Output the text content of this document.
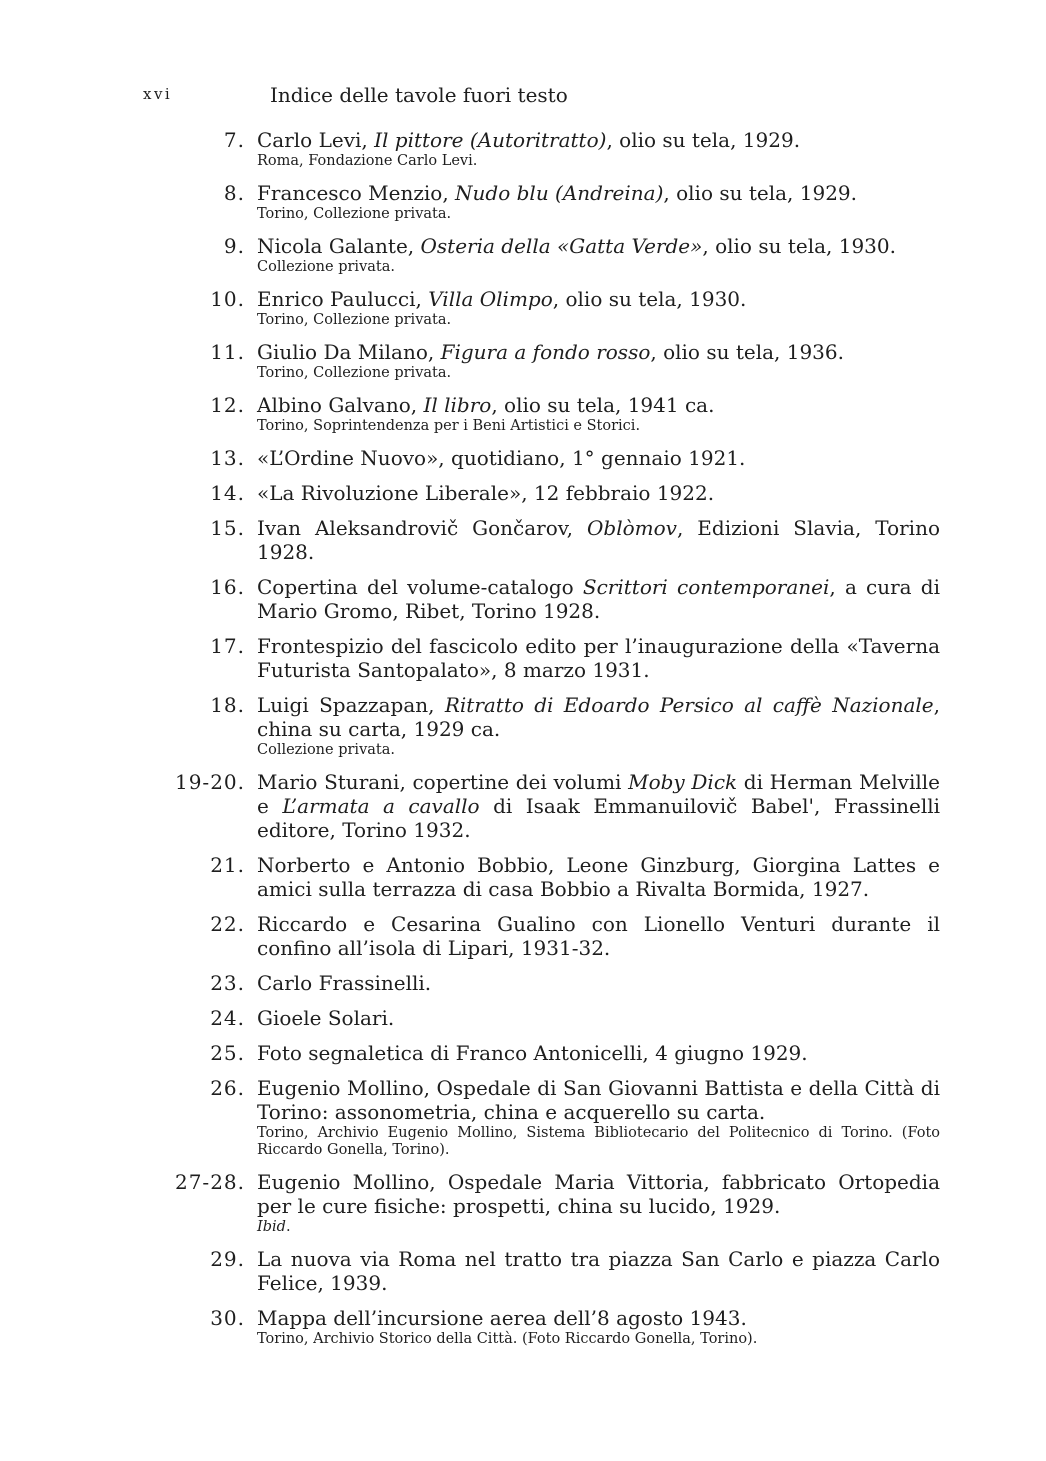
xvi	Indice delle tavole fuori testo
7. Carlo Levi, Il pittore (Autoritratto), olio su tela, 1929.
Roma, Fondazione Carlo Levi.
8. Francesco Menzio, Nudo blu (Andreina), olio su tela, 1929.
Torino, Collezione privata.
9. Nicola Galante, Osteria della «Gatta Verde», olio su tela, 1930.
Collezione privata.
10. Enrico Paulucci, Villa Olimpo, olio su tela, 1930.
Torino, Collezione privata.
11. Giulio Da Milano, Figura a fondo rosso, olio su tela, 1936.
Torino, Collezione privata.
12. Albino Galvano, Il libro, olio su tela, 1941 ca.
Torino, Soprintendenza per i Beni Artistici e Storici.
13. «L’Ordine Nuovo», quotidiano, 1° gennaio 1921.
14. «La Rivoluzione Liberale», 12 febbraio 1922.
15. Ivan Aleksandrovič Gončarov, Oblòmov, Edizioni Slavia, Torino 1928.
16. Copertina del volume-catalogo Scrittori contemporanei, a cura di Mario Gromo, Ribet, Torino 1928.
17. Frontespizio del fascicolo edito per l’inaugurazione della «Taverna Futurista Santopalato», 8 marzo 1931.
18. Luigi Spazzapan, Ritratto di Edoardo Persico al caffè Nazionale, china su carta, 1929 ca.
Collezione privata.
19-20. Mario Sturani, copertine dei volumi Moby Dick di Herman Melville e L’armata a cavallo di Isaak Emmanuilovič Babel', Frassinelli editore, Torino 1932.
21. Norberto e Antonio Bobbio, Leone Ginzburg, Giorgina Lattes e amici sulla terrazza di casa Bobbio a Rivalta Bormida, 1927.
22. Riccardo e Cesarina Gualino con Lionello Venturi durante il confino all’isola di Lipari, 1931-32.
23. Carlo Frassinelli.
24. Gioele Solari.
25. Foto segnaletica di Franco Antonicelli, 4 giugno 1929.
26. Eugenio Mollino, Ospedale di San Giovanni Battista e della Città di Torino: assonometria, china e acquerello su carta.
Torino, Archivio Eugenio Mollino, Sistema Bibliotecario del Politecnico di Torino. (Foto Riccardo Gonella, Torino).
27-28. Eugenio Mollino, Ospedale Maria Vittoria, fabbricato Ortopedia per le cure fisiche: prospetti, china su lucido, 1929.
Ibid.
29. La nuova via Roma nel tratto tra piazza San Carlo e piazza Carlo Felice, 1939.
30. Mappa dell’incursione aerea dell’8 agosto 1943.
Torino, Archivio Storico della Città. (Foto Riccardo Gonella, Torino).
